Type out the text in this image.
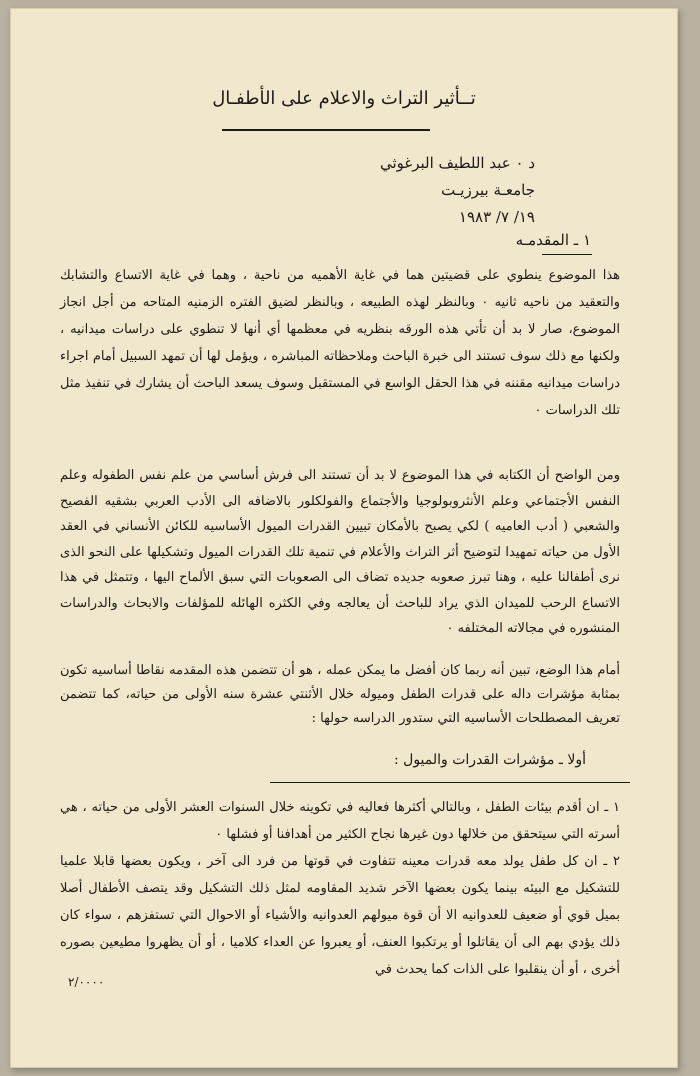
تــأثير التراث والاعلام على الأطفـال
د ٠ عبد اللطيف البرغوثي
جامعـة بيرزيـت
١٩/ ٧/ ١٩٨٣
١ ـ المقدمـه

هذا الموضوع ينطوي على قضيتين هما في غاية الأهميه من ناحية ، وهما في غاية الاتساع والتشابك والتعقيد من ناحيه ثانيه ٠ وبالنظر لهذه الطبيعه ، وبالنظر لضيق الفتره الزمنيه المتاحه من أجل انجاز الموضوع، صار لا بد أن تأتي هذه الورقه بنظريه في معظمها أي أنها لا تنطوي على دراسات ميدانيه ، ولكنها مع ذلك سوف تستند الى خبرة الباحث وملاحظاته المباشره ، ويؤمل لها أن تمهد السبيل أمام اجراء دراسات ميدانيه مقننه في هذا الحقل الواسع في المستقبل وسوف يسعد الباحث أن يشارك في تنفيذ مثل تلك الدراسات ٠

ومن الواضح أن الكتابه في هذا الموضوع لا بد أن تستند الى فرش أساسي من علم نفس الطفوله وعلم النفس الأجتماعي وعلم الأنثروبولوجيا والأجتماع والفولكلور بالاضافه الى الأدب العربي بشقيه الفصيح والشعبي ( أدب العاميه ) لكي يصبح بالأمكان تبيين القدرات الميول الأساسيه للكائن الأنساني في العقد الأول من حياته تمهيدا لتوضيح أثر التراث والأعلام في تنمية تلك القدرات الميول وتشكيلها على النحو الذى نرى أطفالنا عليه ، وهنا تبرز صعوبه جديده تضاف الى الصعوبات التي سبق الألماح اليها ، وتتمثل في هذا الاتساع الرحب للميدان الذي يراد للباحث أن يعالجه وفي الكثره الهائله للمؤلفات والابحاث والدراسات المنشوره في مجالاته المختلفه ٠

أمام هذا الوضع، تبين أنه ربما كان أفضل ما يمكن عمله ، هو أن تتضمن هذه المقدمه نقاطا أساسيه تكون بمثابة مؤشرات داله على قدرات الطفل وميوله خلال الأثنتي عشرة سنه الأولى من حياته، كما تتضمن تعريف المصطلحات الأساسيه التي ستدور الدراسه حولها :

أولا ـ مؤشرات القدرات والميول :

١ ـ ان أقدم بيئات الطفل ، وبالتالي أكثرها فعاليه في تكوينه خلال السنوات العشر الأولى من حياته ، هي أسرته التي سيتحقق من خلالها دون غيرها نجاح الكثير من أهدافنا أو فشلها ٠

٢ ـ ان كل طفل يولد معه قدرات معينه تتفاوت في قوتها من فرد الى آخر ، ويكون بعضها قابلا علميا للتشكيل مع البيئه بينما يكون بعضها الآخر شديد المقاومه لمثل ذلك التشكيل وقد يتصف الأطفال أصلا بميل قوي أو ضعيف للعدوانيه الا أن قوة ميولهم العدوانيه والأشياء أو الاحوال التي تستفزهم ، سواء كان ذلك يؤدي بهم الى أن يقاتلوا أو يرتكبوا العنف، أو يعبروا عن العداء كلاميا ، أو أن يظهروا مطيعين بصوره أخرى ، أو أن ينقلبوا على الذات كما يحدث في

٢/٠٠٠٠
